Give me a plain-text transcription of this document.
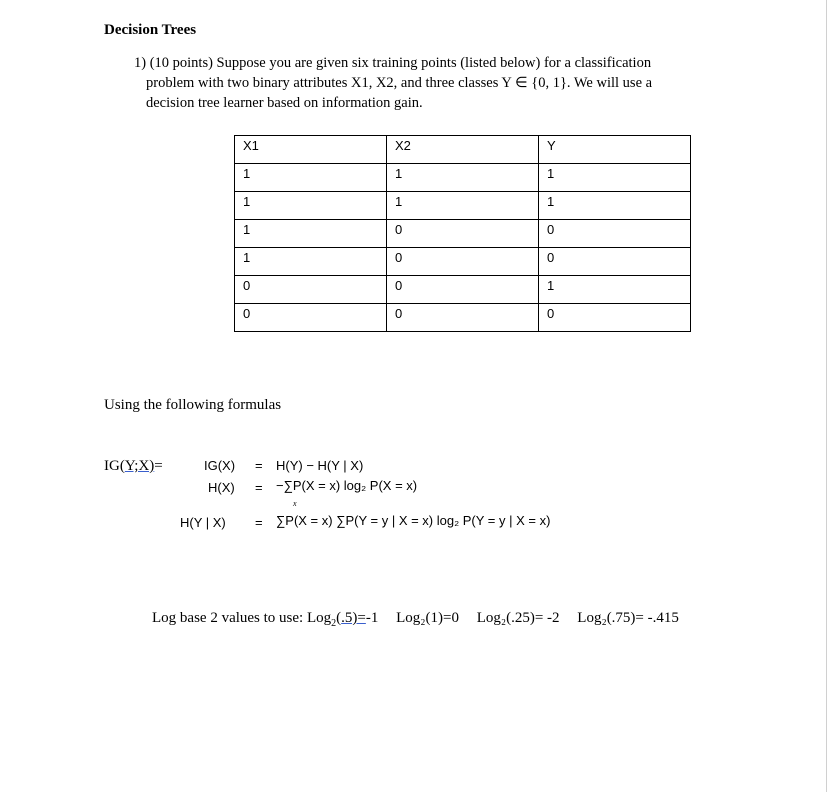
Decision Trees
1) (10 points) Suppose you are given six training points (listed below) for a classification
problem with two binary attributes X1, X2, and three classes Y ∈ {0, 1}. We will use a
decision tree learner based on information gain.
X1	X2	Y
1	1	1
1	1	1
1	0	0
1	0	0
0	0	1
0	0	0
Using the following formulas
IG(Y;X)=	IG(X) = H(Y) − H(Y | X)
H(X) = −∑P(X = x) log₂ P(X = x)
x
H(Y | X) = ∑P(X = x) ∑P(Y = y | X = x) log₂ P(Y = y | X = x)
Log base 2 values to use: Log$_2$(.5)=-1 Log₂(1)=0 Log₂(.25)= -2 Log₂(.75)= -.415
